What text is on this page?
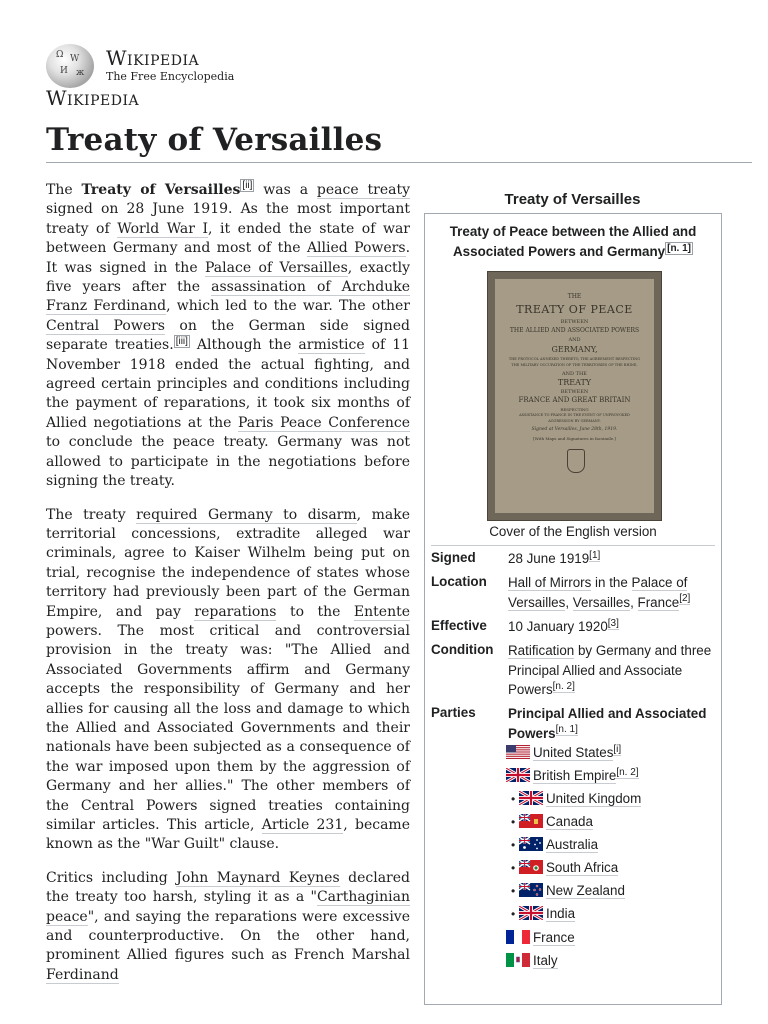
Ω W
И ж
Wikipedia
The Free Encyclopedia
Wikipedia
Treaty of Versailles

The Treaty of Versailles [ii] was a peace treaty signed on 28 June 1919. As the most important treaty of World War I, it ended the state of war between Germany and most of the Allied Powers. It was signed in the Palace of Versailles, exactly five years after the assassination of Archduke Franz Ferdinand, which led to the war. The other Central Powers on the German side signed separate treaties. [iii] Although the armistice of 11 November 1918 ended the actual fighting, and agreed certain principles and conditions including the payment of reparations, it took six months of Allied negotiations at the Paris Peace Conference to conclude the peace treaty. Germany was not allowed to participate in the negotiations before signing the treaty.

The treaty required Germany to disarm, make territorial concessions, extradite alleged war criminals, agree to Kaiser Wilhelm being put on trial, recognise the independence of states whose territory had previously been part of the German Empire, and pay reparations to the Entente powers. The most critical and controversial provision in the treaty was: "The Allied and Associated Governments affirm and Germany accepts the responsibility of Germany and her allies for causing all the loss and damage to which the Allied and Associated Governments and their nationals have been subjected as a consequence of the war imposed upon them by the aggression of Germany and her allies." The other members of the Central Powers signed treaties containing similar articles. This article, Article 231, became known as the "War Guilt" clause.

Critics including John Maynard Keynes declared the treaty too harsh, styling it as a "Carthaginian peace", and saying the reparations were excessive and counterproductive. On the other hand, prominent Allied figures such as French Marshal Ferdinand

Treaty of Versailles
Treaty of Peace between the Allied and Associated Powers and Germany [n. 1]
THE
TREATY OF PEACE
BETWEEN
THE ALLIED AND ASSOCIATED POWERS
AND
GERMANY,
THE PROTOCOL ANNEXED THERETO, THE AGREEMENT RESPECTING
THE MILITARY OCCUPATION OF THE TERRITORIES OF THE RHINE,
AND THE
TREATY
BETWEEN
FRANCE AND GREAT BRITAIN
RESPECTING
ASSISTANCE TO FRANCE IN THE EVENT OF UNPROVOKED
AGGRESSION BY GERMANY.
Signed at Versailles, June 28th, 1919.
[With Maps and Signatures in facsimile.]
Cover of the English version
Signed 28 June 1919[1]
Location Hall of Mirrors in the Palace of Versailles, Versailles, France[2]
Effective 10 January 1920[3]
Condition Ratification by Germany and three Principal Allied and Associate Powers[n. 2]
Parties Principal Allied and Associated Powers[n. 1]
United States[i]
British Empire[n. 2]
• United Kingdom
• Canada
• Australia
• South Africa
• New Zealand
• India
France
Italy
